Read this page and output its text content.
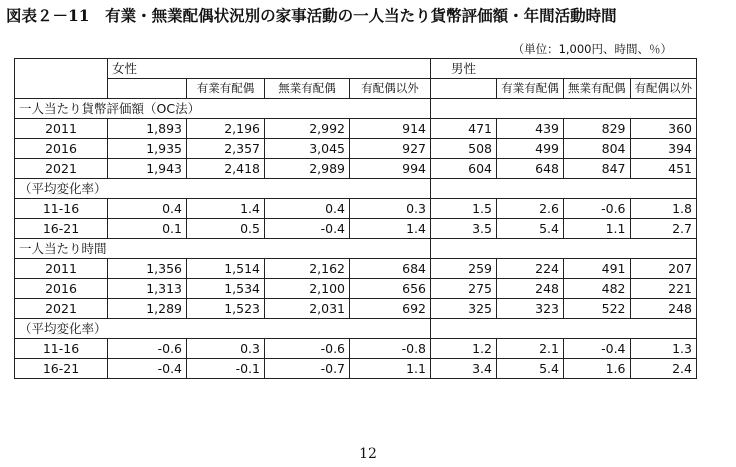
図表２－11　有業・無業配偶状況別の家事活動の一人当たり貨幣評価額・年間活動時間
（単位：1,000円、時間、％）
	女性				男性			
		有業有配偶	無業有配偶	有配偶以外		有業有配偶	無業有配偶	有配偶以外
一人当たり貨幣評価額（OC法）								
2011	1,893	2,196	2,992	914	471	439	829	360
2016	1,935	2,357	3,045	927	508	499	804	394
2021	1,943	2,418	2,989	994	604	648	847	451
（平均変化率）								
11-16	0.4	1.4	0.4	0.3	1.5	2.6	-0.6	1.8
16-21	0.1	0.5	-0.4	1.4	3.5	5.4	1.1	2.7
一人当たり時間								
2011	1,356	1,514	2,162	684	259	224	491	207
2016	1,313	1,534	2,100	656	275	248	482	221
2021	1,289	1,523	2,031	692	325	323	522	248
（平均変化率）								
11-16	-0.6	0.3	-0.6	-0.8	1.2	2.1	-0.4	1.3
16-21	-0.4	-0.1	-0.7	1.1	3.4	5.4	1.6	2.4
12
